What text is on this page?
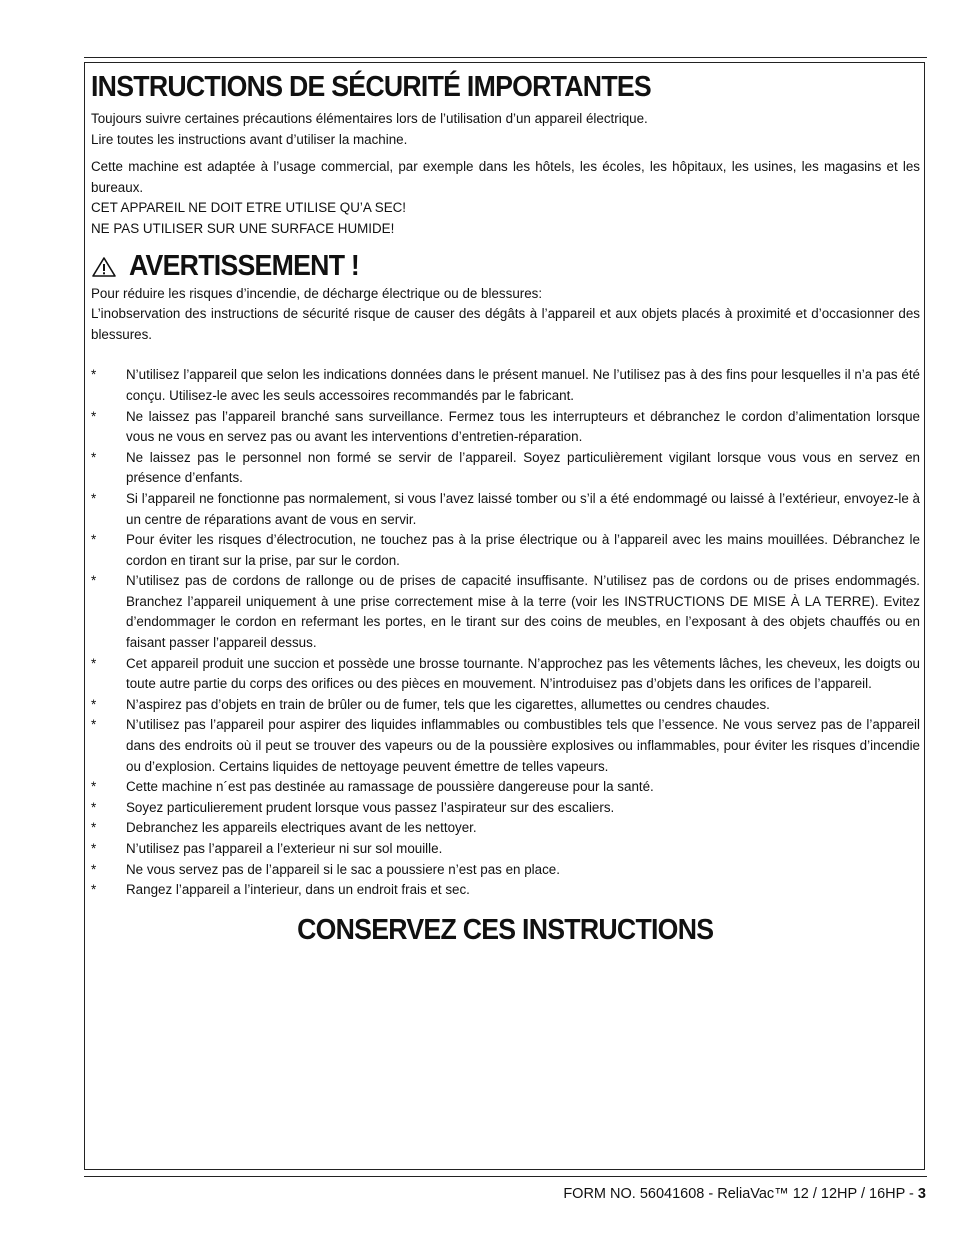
INSTRUCTIONS DE SÉCURITÉ IMPORTANTES

Toujours suivre certaines précautions élémentaires lors de l’utilisation d’un appareil électrique.

Lire toutes les instructions avant d’utiliser la machine.

Cette machine est adaptée à l’usage commercial, par exemple dans les hôtels, les écoles, les hôpitaux, les usines, les magasins et les bureaux.

CET APPAREIL NE DOIT ETRE UTILISE QU’A SEC!

NE PAS UTILISER SUR UNE SURFACE HUMIDE!

AVERTISSEMENT !

Pour réduire les risques d’incendie, de décharge électrique ou de blessures:

L’inobservation des instructions de sécurité risque de causer des dégâts à l’appareil et aux objets placés à proximité et d’occasionner des blessures.

* N’utilisez l’appareil que selon les indications données dans le présent manuel. Ne l’utilisez pas à des fins pour lesquelles il n’a pas été conçu. Utilisez-le avec les seuls accessoires recommandés par le fabricant.
* Ne laissez pas l’appareil branché sans surveillance. Fermez tous les interrupteurs et débranchez le cordon d’alimentation lorsque vous ne vous en servez pas ou avant les interventions d’entretien-réparation.
* Ne laissez pas le personnel non formé se servir de l’appareil. Soyez particulièrement vigilant lorsque vous vous en servez en présence d’enfants.
* Si l’appareil ne fonctionne pas normalement, si vous l’avez laissé tomber ou s’il a été endommagé ou laissé à l’extérieur, envoyez-le à un centre de réparations avant de vous en servir.
* Pour éviter les risques d’électrocution, ne touchez pas à la prise électrique ou à l’appareil avec les mains mouillées. Débranchez le cordon en tirant sur la prise, par sur le cordon.
* N’utilisez pas de cordons de rallonge ou de prises de capacité insuffisante. N’utilisez pas de cordons ou de prises endommagés. Branchez l’appareil uniquement à une prise correctement mise à la terre (voir les INSTRUCTIONS DE MISE À LA TERRE). Evitez d’endommager le cordon en refermant les portes, en le tirant sur des coins de meubles, en l’exposant à des objets chauffés ou en faisant passer l’appareil dessus.
* Cet appareil produit une succion et possède une brosse tournante. N’approchez pas les vêtements lâches, les cheveux, les doigts ou toute autre partie du corps des orifices ou des pièces en mouvement. N’introduisez pas d’objets dans les orifices de l’appareil.
* N’aspirez pas d’objets en train de brûler ou de fumer, tels que les cigarettes, allumettes ou cendres chaudes.
* N’utilisez pas l’appareil pour aspirer des liquides inflammables ou combustibles tels que l’essence. Ne vous servez pas de l’appareil dans des endroits où il peut se trouver des vapeurs ou de la poussière explosives ou inflammables, pour éviter les risques d’incendie ou d’explosion. Certains liquides de nettoyage peuvent émettre de telles vapeurs.
* Cette machine n´est pas destinée au ramassage de poussière dangereuse pour la santé.
* Soyez particulierement prudent lorsque vous passez l’aspirateur sur des escaliers.
* Debranchez les appareils electriques avant de les nettoyer.
* N’utilisez pas l’appareil a l’exterieur ni sur sol mouille.
* Ne vous servez pas de l’appareil si le sac a poussiere n’est pas en place.
* Rangez l’appareil a l’interieur, dans un endroit frais et sec.
CONSERVEZ CES INSTRUCTIONS
FORM NO. 56041608 - ReliaVac™ 12 / 12HP / 16HP - 3
